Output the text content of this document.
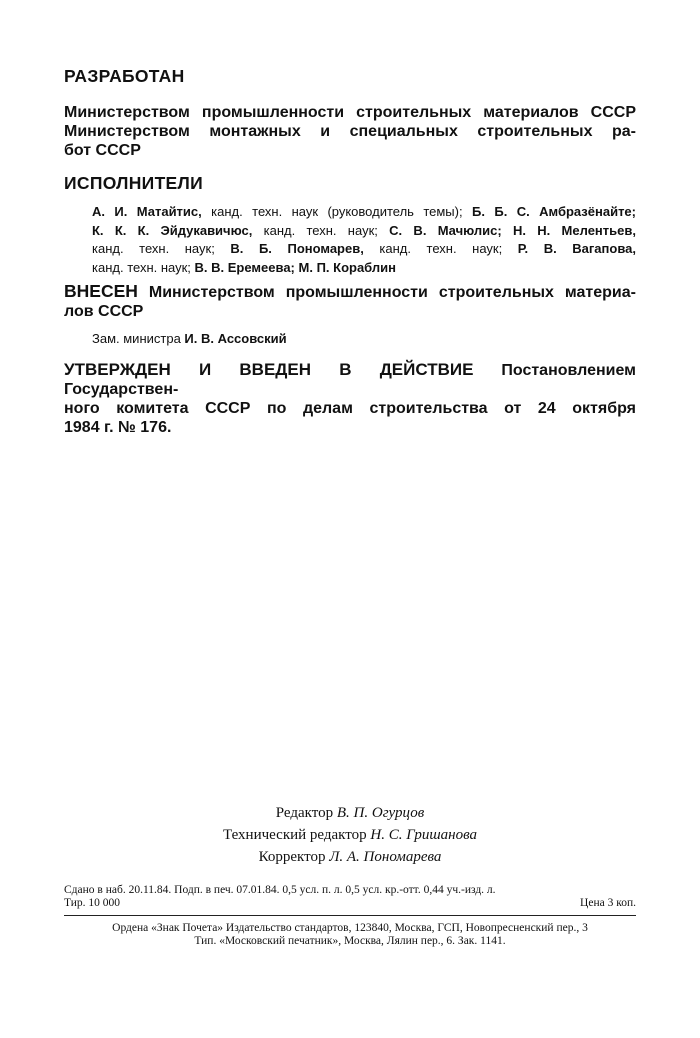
РАЗРАБОТАН
Министерством промышленности строительных материалов СССР
Министерством монтажных и специальных строительных ра-
бот СССР
ИСПОЛНИТЕЛИ
А. И. Матайтис, канд. техн. наук (руководитель темы); Б. Б. С. Амбразёнайте;
К. К. К. Эйдукавичюс, канд. техн. наук; С. В. Мачюлис; Н. Н. Мелентьев,
канд. техн. наук; В. Б. Пономарев, канд. техн. наук; Р. В. Вагапова,
канд. техн. наук; В. В. Еремеева; М. П. Кораблин
ВНЕСЕН Министерством промышленности строительных материа-
лов СССР
Зам. министра И. В. Ассовский
УТВЕРЖДЕН И ВВЕДЕН В ДЕЙСТВИЕ Постановлением Государствен-
ного комитета СССР по делам строительства от 24 октября
1984 г. № 176.
Редактор В. П. Огурцов
Технический редактор Н. С. Гришанова
Корректор Л. А. Пономарева
Сдано в наб. 20.11.84. Подп. в печ. 07.01.84. 0,5 усл. п. л. 0,5 усл. кр.-отт. 0,44 уч.-изд. л.
Тир. 10 000	Цена 3 коп.
Ордена «Знак Почета» Издательство стандартов, 123840, Москва, ГСП, Новопресненский пер., 3
Тип. «Московский печатник», Москва, Лялин пер., 6. Зак. 1141.
